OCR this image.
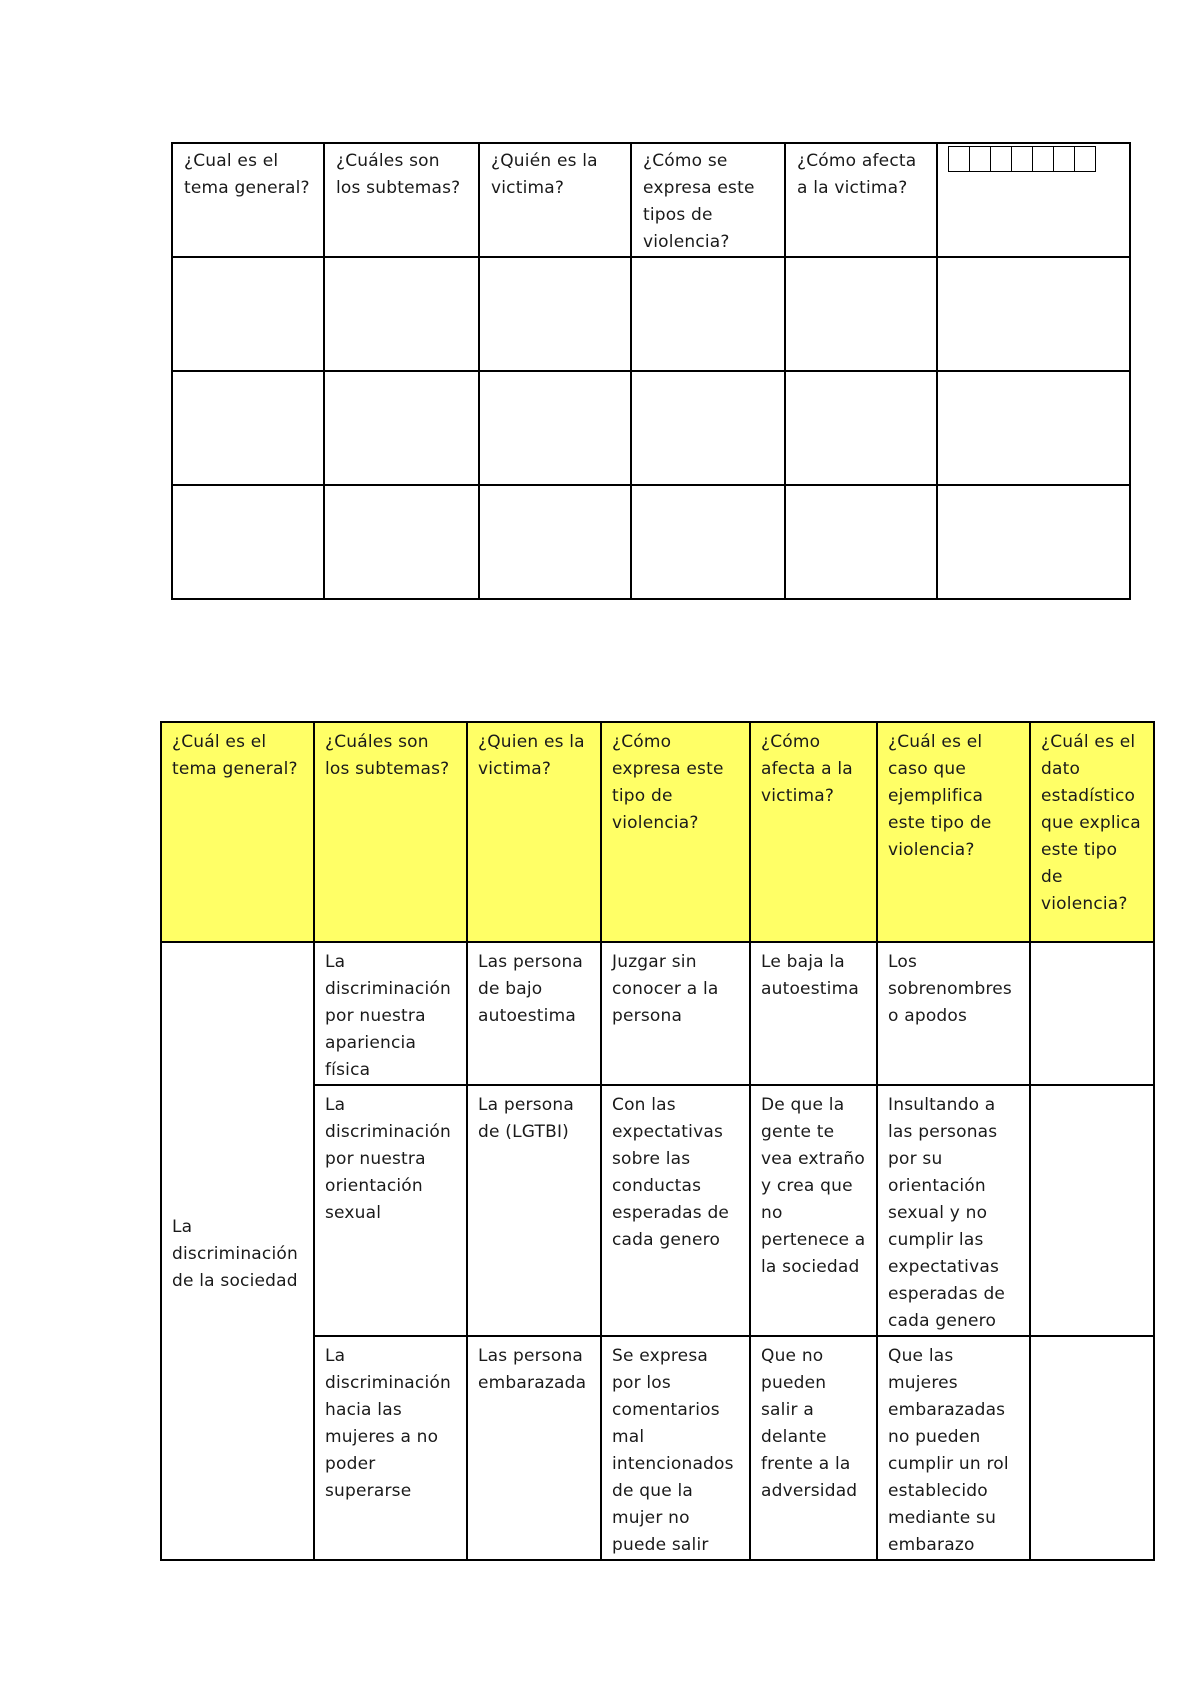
¿Cual es el tema general?	¿Cuáles son los subtemas?	¿Quién es la victima?	¿Cómo se expresa este tipos de violencia?	¿Cómo afecta a la victima?	

¿Cuál es el tema general?	¿Cuáles son los subtemas?	¿Quien es la victima?	¿Cómo expresa este tipo de violencia?	¿Cómo afecta a la victima?	¿Cuál es el caso que ejemplifica este tipo de violencia?	¿Cuál es el dato estadístico que explica este tipo de violencia?
La discriminación de la sociedad	La discriminación por nuestra apariencia física	Las persona de bajo autoestima	Juzgar sin conocer a la persona	Le baja la autoestima	Los sobrenombres o apodos	
	La discriminación por nuestra orientación sexual	La persona de (LGTBI)	Con las expectativas sobre las conductas esperadas de cada genero	De que la gente te vea extraño y crea que no pertenece a la sociedad	Insultando a las personas por su orientación sexual y no cumplir las expectativas esperadas de cada genero	
	La discriminación hacia las mujeres a no poder superarse	Las persona embarazada	Se expresa por los comentarios mal intencionados de que la mujer no puede salir	Que no pueden salir a delante frente a la adversidad	Que las mujeres embarazadas no pueden cumplir un rol establecido mediante su embarazo	
